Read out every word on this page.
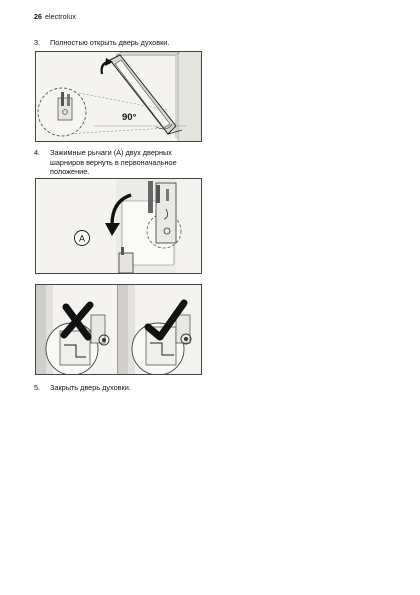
26 electrolux
3. Полностью открыть дверь духовки.
90°
4. Зажимные рычаги (А) двух дверных
шарниров вернуть в первоначальное
положение.
A
5. Закрыть дверь духовки.
